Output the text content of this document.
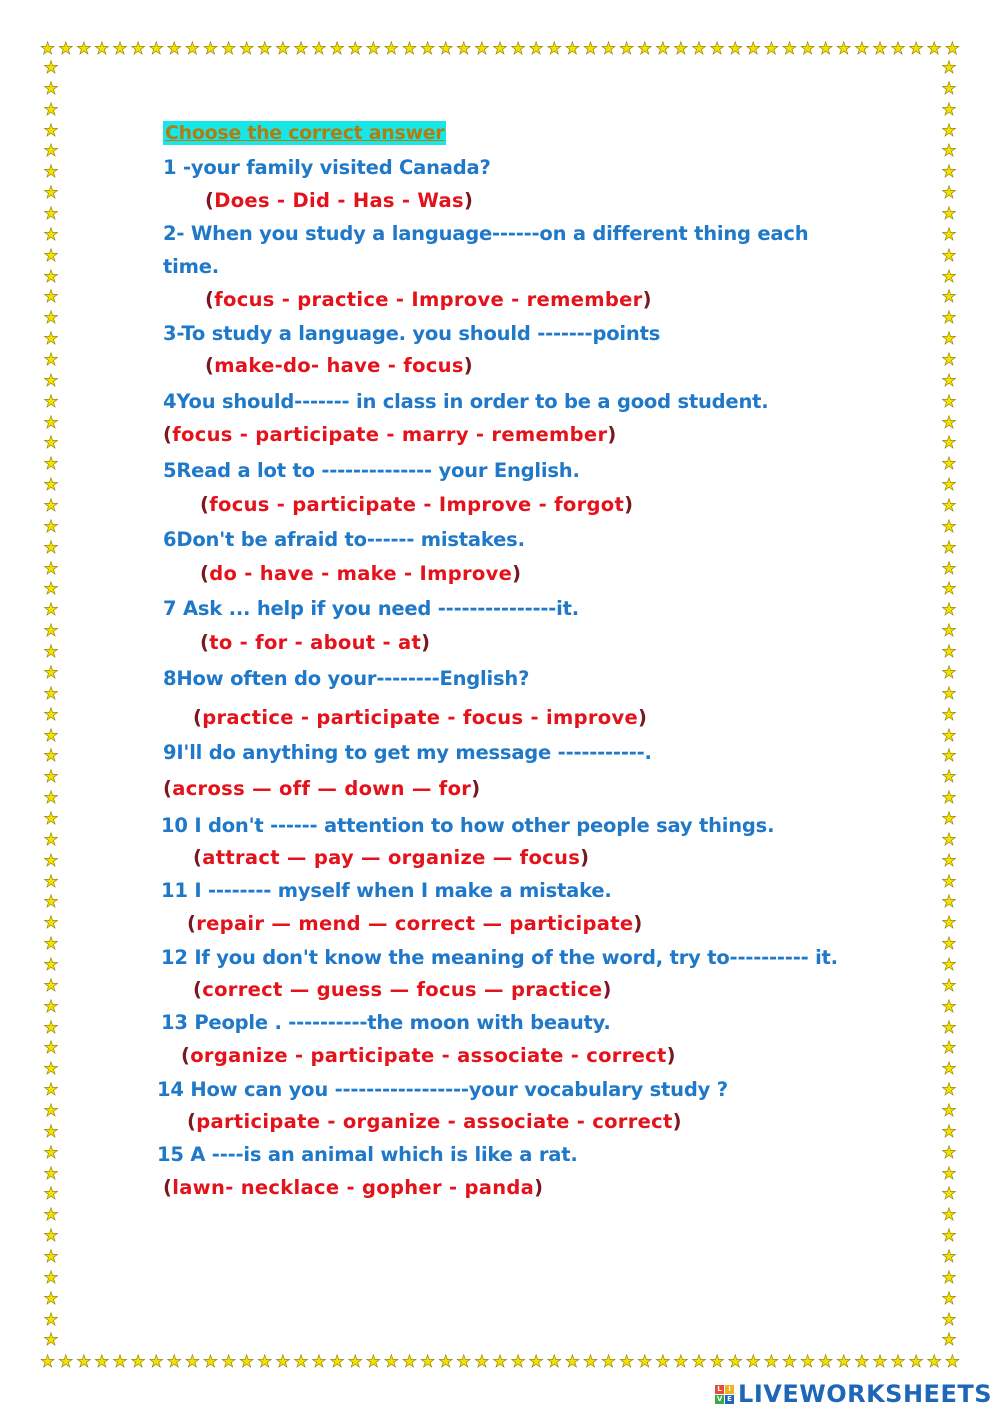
★ ★ ★ ★ ★ ★ ★ ★ ★ ★ ★ ★ ★ ★ ★ ★ ★ ★ ★ ★ ★ ★ ★ ★ ★ ★ ★ ★ ★ ★ ★ ★ ★ ★ ★ ★ ★ ★ ★ ★ ★ ★ ★ ★ ★ ★ ★ ★ ★ ★ ★
★ ★ ★ ★ ★ ★ ★ ★ ★ ★ ★ ★ ★ ★ ★ ★ ★ ★ ★ ★ ★ ★ ★ ★ ★ ★ ★ ★ ★ ★ ★ ★ ★ ★ ★ ★ ★ ★ ★ ★ ★ ★ ★ ★ ★ ★ ★ ★ ★ ★ ★
★
★
★
★
★
★
★
★
★
★
★
★
★
★
★
★
★
★
★
★
★
★
★
★
★
★
★
★
★
★
★
★
★
★
★
★
★
★
★
★
★
★
★
★
★
★
★
★
★
★
★
★
★
★
★
★
★
★
★
★
★
★
★
★
★
★
★
★
★
★
★
★
★
★
★
★
★
★
★
★
★
★
★
★
★
★
★
★
★
★
★
★
★
★
★
★
★
★
★
★
★
★
★
★
★
★
★
★
★
★
★
★
★
★
★
★
★
★
★
★
★
★
★
★
Choose the correct answer
1 -your family visited Canada?
(Does - Did - Has - Was)
2- When you study a language------on a different thing each
time.
(focus - practice - Improve - remember)
3-To study a language. you should -------points
(make-do- have - focus)
4You should------- in class in order to be a good student.
(focus - participate - marry - remember)
5Read a lot to -------------- your English.
(focus - participate - Improve - forgot)
6Don't be afraid to------ mistakes.
(do - have - make - Improve)
7 Ask ... help if you need ---------------it.
(to - for - about - at)
8How often do your--------English?
(practice - participate - focus - improve)
9I'll do anything to get my message -----------.
(across — off — down — for)
10 I don't ------ attention to how other people say things.
(attract — pay — organize — focus)
11 I -------- myself when I make a mistake.
(repair — mend — correct — participate)
12 If you don't know the meaning of the word, try to---------- it.
(correct — guess — focus — practice)
13 People . ----------the moon with beauty.
(organize - participate - associate - correct)
14 How can you -----------------your vocabulary study ?
(participate - organize - associate - correct)
15 A ----is an animal which is like a rat.
(lawn- necklace - gopher - panda)
L I
V E LIVEWORKSHEETS
